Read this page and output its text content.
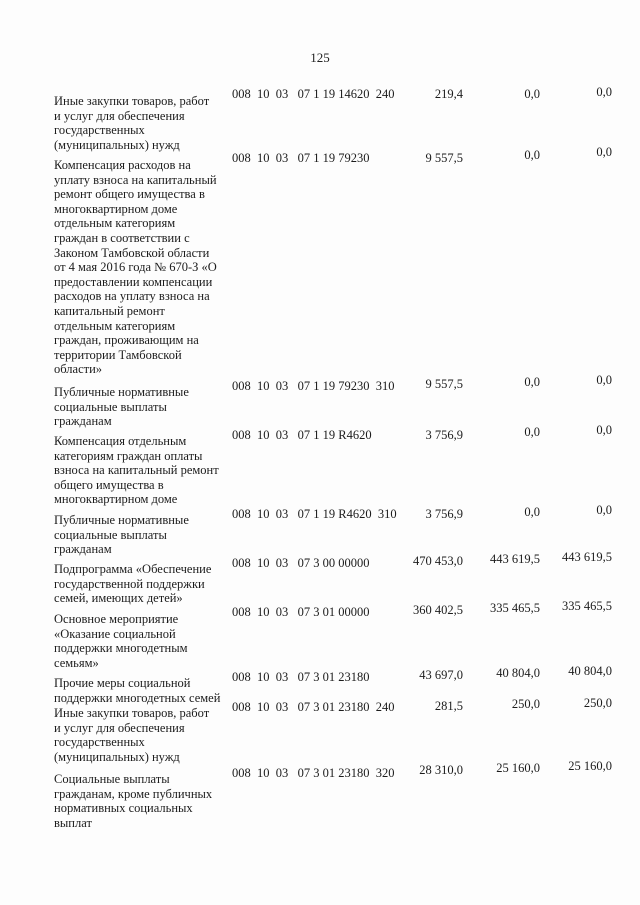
125
Иные закупки товаров, работ
и услуг для обеспечения
государственных
(муниципальных) нужд
008  10  03   07 1 19 14620  240	219,4	0,0	0,0
Компенсация расходов на
уплату взноса на капитальный
ремонт общего имущества в
многоквартирном доме
отдельным категориям
граждан в соответствии с
Законом Тамбовской области
от 4 мая 2016 года № 670-З «О
предоставлении компенсации
расходов на уплату взноса на
капитальный ремонт
отдельным категориям
граждан, проживающим на
территории Тамбовской
области»
008  10  03   07 1 19 79230	9 557,5	0,0	0,0
Публичные нормативные
социальные выплаты
гражданам
008  10  03   07 1 19 79230  310	9 557,5	0,0	0,0
Компенсация отдельным
категориям граждан оплаты
взноса на капитальный ремонт
общего имущества в
многоквартирном доме
008  10  03   07 1 19 R4620	3 756,9	0,0	0,0
Публичные нормативные
социальные выплаты
гражданам
008  10  03   07 1 19 R4620  310	3 756,9	0,0	0,0
Подпрограмма «Обеспечение
государственной поддержки
семей, имеющих детей»
008  10  03   07 3 00 00000	470 453,0	443 619,5	443 619,5
Основное мероприятие
«Оказание социальной
поддержки многодетным
семьям»
008  10  03   07 3 01 00000	360 402,5	335 465,5	335 465,5
Прочие меры социальной
поддержки многодетных семей
008  10  03   07 3 01 23180	43 697,0	40 804,0	40 804,0
Иные закупки товаров, работ
и услуг для обеспечения
государственных
(муниципальных) нужд
008  10  03   07 3 01 23180  240	281,5	250,0	250,0
Социальные выплаты
гражданам, кроме публичных
нормативных социальных
выплат
008  10  03   07 3 01 23180  320	28 310,0	25 160,0	25 160,0
